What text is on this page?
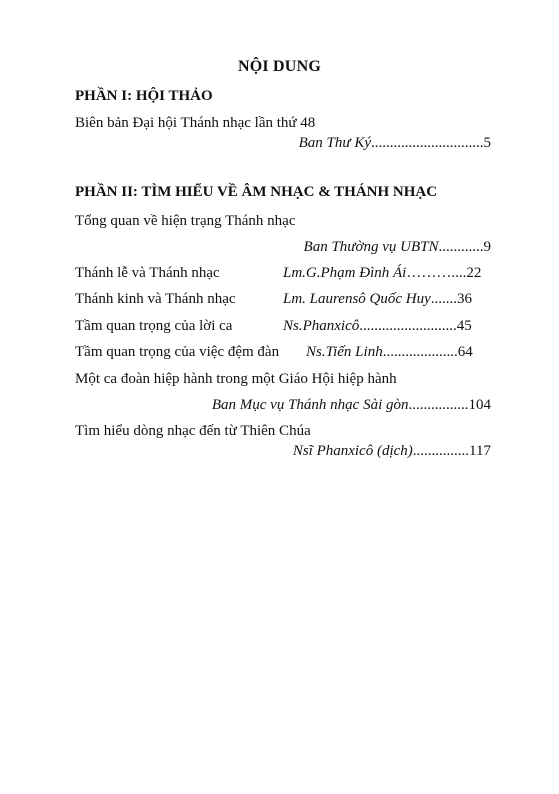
NỘI DUNG
PHẦN I: HỘI THẢO
Biên bản Đại hội Thánh nhạc lần thứ 48
Ban Thư Ký..............................5
PHẦN II: TÌM HIỂU VỀ ÂM NHẠC & THÁNH NHẠC
Tổng quan về hiện trạng Thánh nhạc
Ban Thường vụ UBTN............9
Thánh lễ và Thánh nhạc	Lm.G.Phạm Đình Ái………....22
Thánh kinh và Thánh nhạc	Lm. Laurensô Quốc Huy.......36
Tầm quan trọng của lời ca	Ns.Phanxicô..........................45
Tầm quan trọng của việc đệm đàn Ns.Tiến Linh....................64
Một ca đoàn hiệp hành trong một Giáo Hội hiệp hành
Ban Mục vụ Thánh nhạc Sài gòn................104
Tìm hiểu dòng nhạc đến từ Thiên Chúa
Nsĩ Phanxicô (dịch)...............117
